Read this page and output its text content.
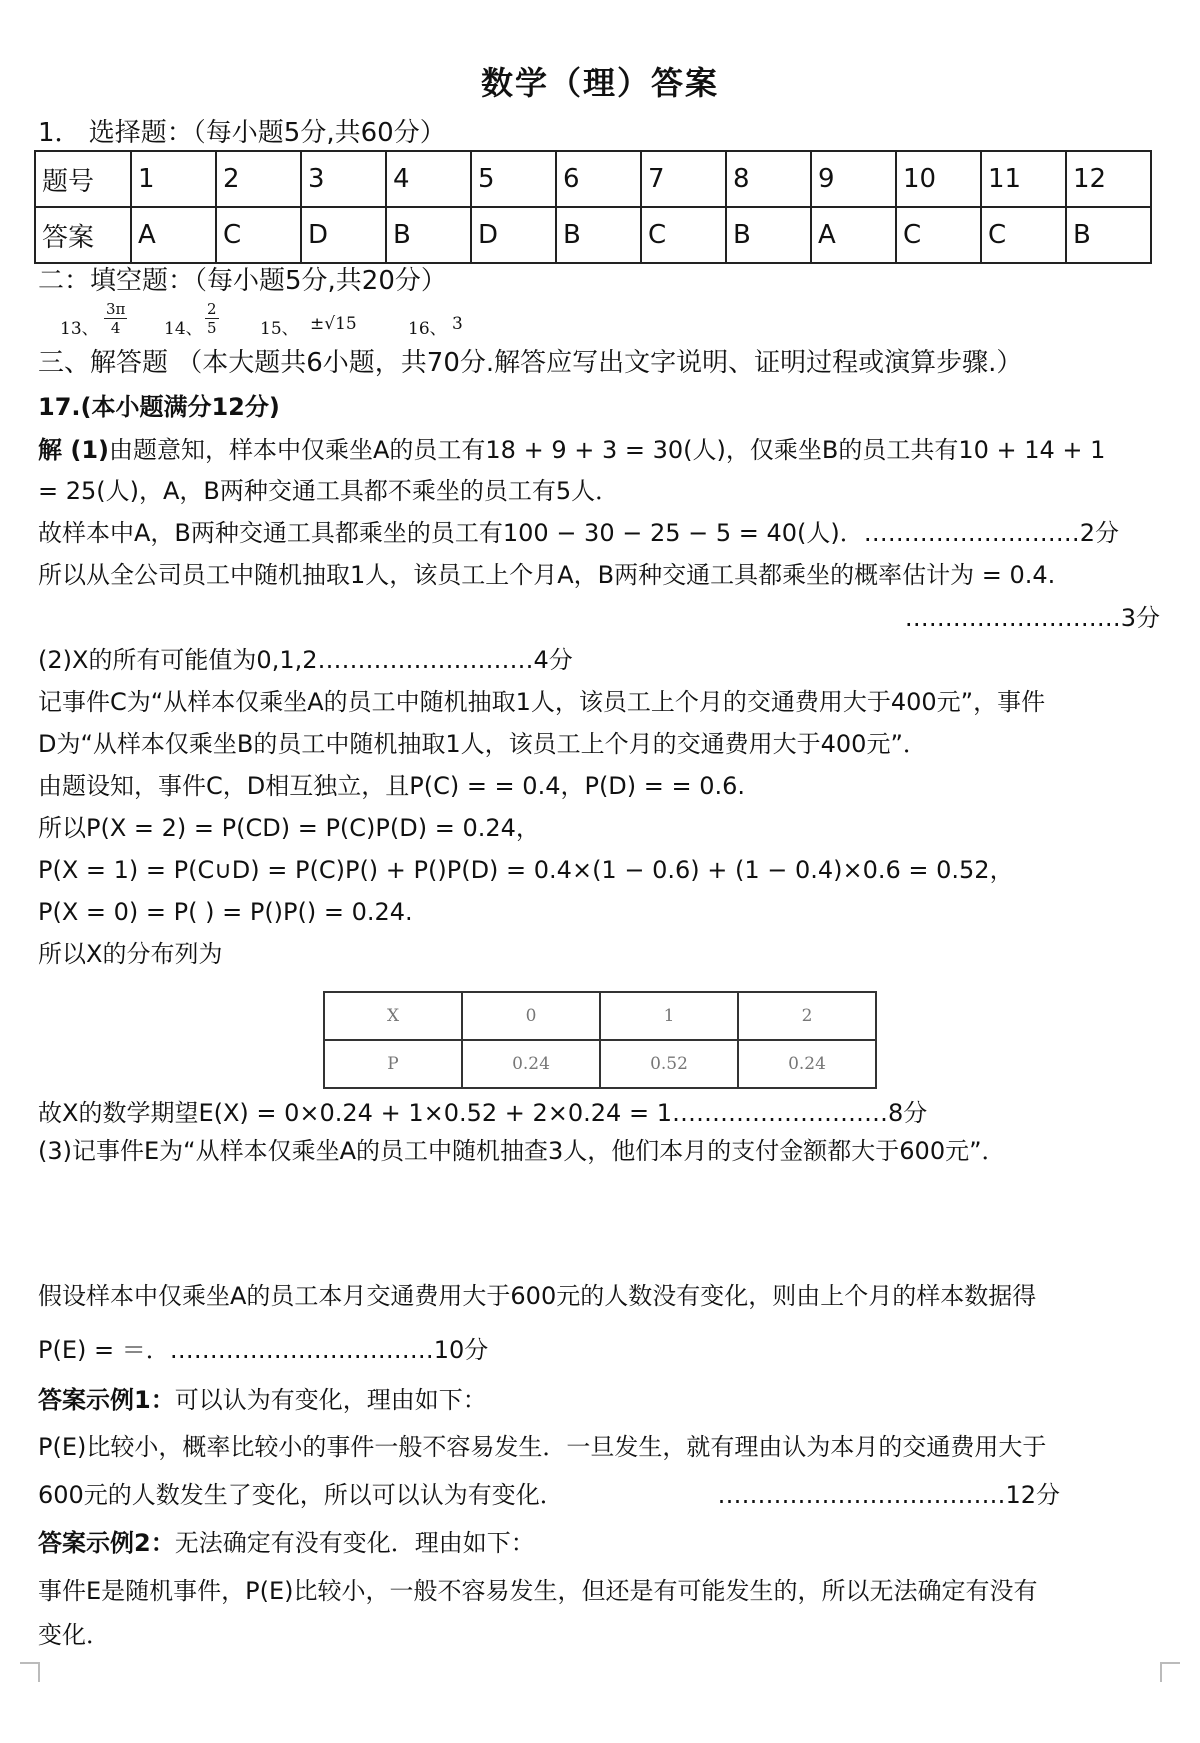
数学（理）答案
1． 选择题：（每小题5分,共60分）
题号	1	2	3	4	5	6	7	8	9	10	11	12
答案	A	C	D	B	D	B	C	B	A	C	C	B
二：填空题：（每小题5分,共20分）
13、 $\frac{3\pi}{4} 14$、 $\frac{2}{5} 15$、 ±√15	16、 3
三、解答题 （本大题共6小题，共70分.解答应写出文字说明、证明过程或演算步骤.）
17.(本小题满分12分)
解 (1)由题意知，样本中仅乘坐A的员工有18 + 9 + 3 = 30(人)，仅乘坐B的员工共有10 + 14 + 1
= 25(人)，A，B两种交通工具都不乘坐的员工有5人．
故样本中A，B两种交通工具都乘坐的员工有100 − 30 − 25 − 5 = 40(人)．………………………2分
所以从全公司员工中随机抽取1人，该员工上个月A，B两种交通工具都乘坐的概率估计为 = 0.4.
………………………3分
(2)X的所有可能值为0,1,2………………………4分
记事件C为“从样本仅乘坐A的员工中随机抽取1人，该员工上个月的交通费用大于400元”，事件
D为“从样本仅乘坐B的员工中随机抽取1人，该员工上个月的交通费用大于400元”．
由题设知，事件C，D相互独立，且P(C) = = 0.4，P(D) = = 0.6.
所以P(X = 2) = P(CD) = P(C)P(D) = 0.24，
P(X = 1) = P(C∪D) = P(C)P() + P()P(D) = 0.4×(1 − 0.6) + (1 − 0.4)×0.6 = 0.52，
P(X = 0) = P( ) = P()P() = 0.24.
所以X的分布列为
X	0	1	2
P	0.24	0.52	0.24
故X的数学期望E(X) = 0×0.24 + 1×0.52 + 2×0.24 = 1………………………8分
(3)记事件E为“从样本仅乘坐A的员工中随机抽查3人，他们本月的支付金额都大于600元”．
假设样本中仅乘坐A的员工本月交通费用大于600元的人数没有变化，则由上个月的样本数据得
P(E) = ＝．……………………………10分
答案示例1：可以认为有变化，理由如下：
P(E)比较小，概率比较小的事件一般不容易发生．一旦发生，就有理由认为本月的交通费用大于
600元的人数发生了变化，所以可以认为有变化．	………………………………12分
答案示例2：无法确定有没有变化．理由如下：
事件E是随机事件，P(E)比较小，一般不容易发生，但还是有可能发生的，所以无法确定有没有
变化．
